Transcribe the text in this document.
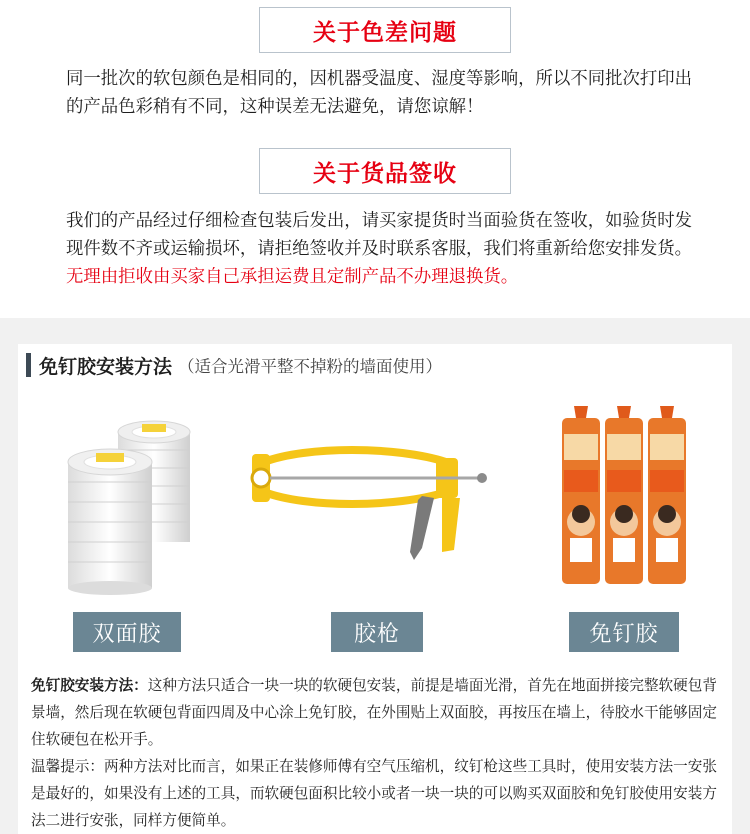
关于色差问题

同一批次的软包颜色是相同的，因机器受温度、湿度等影响，所以不同批次打印出的产品色彩稍有不同，这种误差无法避免，请您谅解！

关于货品签收

我们的产品经过仔细检查包装后发出，请买家提货时当面验货在签收，如验货时发现件数不齐或运输损坏，请拒绝签收并及时联系客服，我们将重新给您安排发货。无理由拒收由买家自己承担运费且定制产品不办理退换货。

免钉胶安装方法 （适合光滑平整不掉粉的墙面使用）
双面胶	胶枪	免钉胶

免钉胶安装方法：这种方法只适合一块一块的软硬包安装，前提是墙面光滑，首先在地面拼接完整软硬包背景墙，然后现在软硬包背面四周及中心涂上免钉胶，在外围贴上双面胶，再按压在墙上，待胶水干能够固定住软硬包在松开手。

温馨提示：两种方法对比而言，如果正在装修师傅有空气压缩机，纹钉枪这些工具时，使用安装方法一安张是最好的，如果没有上述的工具，而软硬包面积比较小或者一块一块的可以购买双面胶和免钉胶使用安装方法二进行安张，同样方便简单。
